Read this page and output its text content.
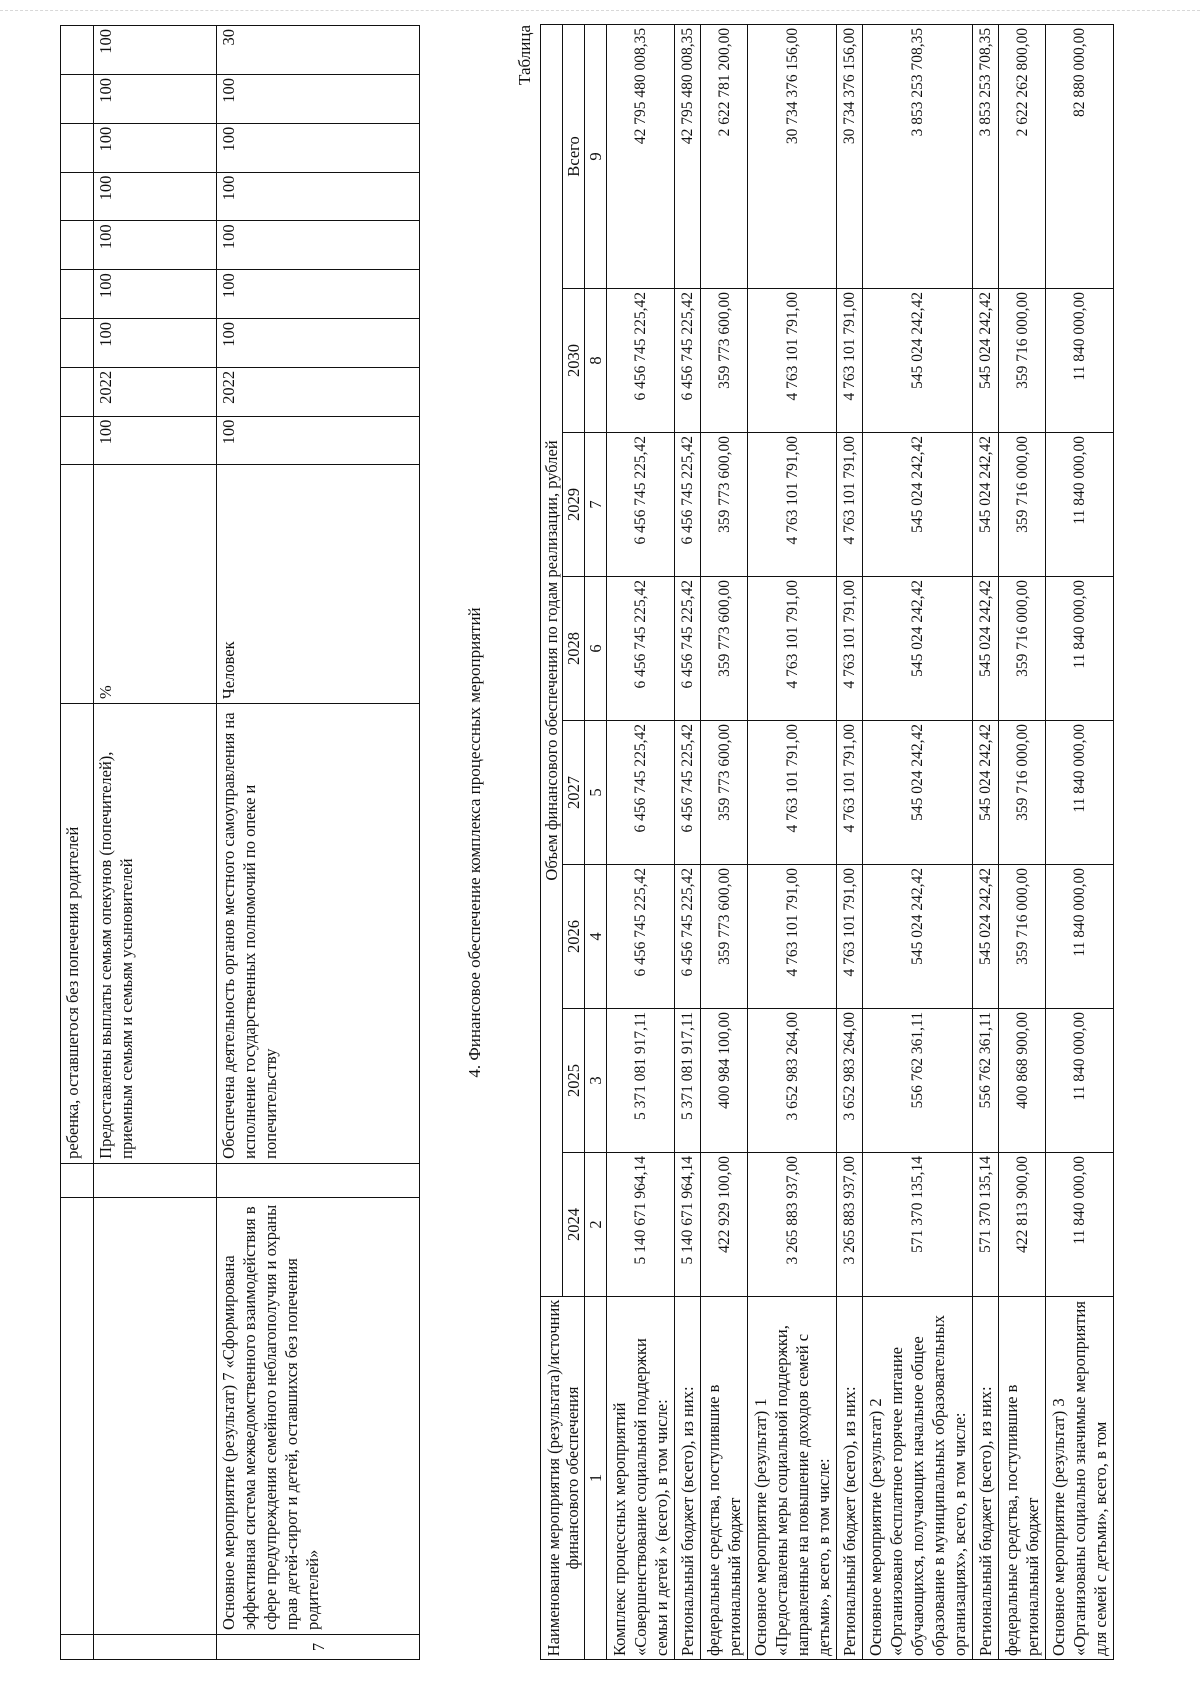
			ребенка, оставшегося без попечения родителей										
			Предоставлены выплаты семьям опекунов (попечителей), приемным семьям и семьям усыновителей	%	100	2022	100	100	100	100	100	100	100
7	Основное мероприятие (результат) 7 «Сформирована эффективная система межведомственного взаимодействия в сфере предупреждения семейного неблагополучия и охраны прав детей-сирот и детей, оставшихся без попечения родителей»		Обеспечена деятельность органов местного самоуправления на исполнение государственных полномочий по опеке и попечительству	Человек	100	2022	100	100	100	100	100	100	30
4. Финансовое обеспечение комплекса процессных мероприятий
Таблица
Наименование мероприятия (результата)/источник финансового обеспечения	Объем финансового обеспечения по годам реализации, рублей							
	2024	2025	2026	2027	2028	2029	2030	Всего
1	2	3	4	5	6	7	8	9
Комплекс процессных мероприятий «Совершенствование социальной поддержки семьи и детей » (всего), в том числе:	5 140 671 964,14	5 371 081 917,11	6 456 745 225,42	6 456 745 225,42	6 456 745 225,42	6 456 745 225,42	6 456 745 225,42	42 795 480 008,35
Региональный бюджет (всего), из них:	5 140 671 964,14	5 371 081 917,11	6 456 745 225,42	6 456 745 225,42	6 456 745 225,42	6 456 745 225,42	6 456 745 225,42	42 795 480 008,35
федеральные средства, поступившие в региональный бюджет	422 929 100,00	400 984 100,00	359 773 600,00	359 773 600,00	359 773 600,00	359 773 600,00	359 773 600,00	2 622 781 200,00
Основное мероприятие (результат) 1 «Предоставлены меры социальной поддержки, направленные на повышение доходов семей с детьми», всего, в том числе:	3 265 883 937,00	3 652 983 264,00	4 763 101 791,00	4 763 101 791,00	4 763 101 791,00	4 763 101 791,00	4 763 101 791,00	30 734 376 156,00
Региональный бюджет (всего), из них:	3 265 883 937,00	3 652 983 264,00	4 763 101 791,00	4 763 101 791,00	4 763 101 791,00	4 763 101 791,00	4 763 101 791,00	30 734 376 156,00
Основное мероприятие (результат) 2 «Организовано бесплатное горячее питание обучающихся, получающих начальное общее образование в муниципальных образовательных организациях», всего, в том числе:	571 370 135,14	556 762 361,11	545 024 242,42	545 024 242,42	545 024 242,42	545 024 242,42	545 024 242,42	3 853 253 708,35
Региональный бюджет (всего), из них:	571 370 135,14	556 762 361,11	545 024 242,42	545 024 242,42	545 024 242,42	545 024 242,42	545 024 242,42	3 853 253 708,35
федеральные средства, поступившие в региональный бюджет	422 813 900,00	400 868 900,00	359 716 000,00	359 716 000,00	359 716 000,00	359 716 000,00	359 716 000,00	2 622 262 800,00
Основное мероприятие (результат) 3 «Организованы социально значимые мероприятия для семей с детьми», всего, в том	11 840 000,00	11 840 000,00	11 840 000,00	11 840 000,00	11 840 000,00	11 840 000,00	11 840 000,00	82 880 000,00
